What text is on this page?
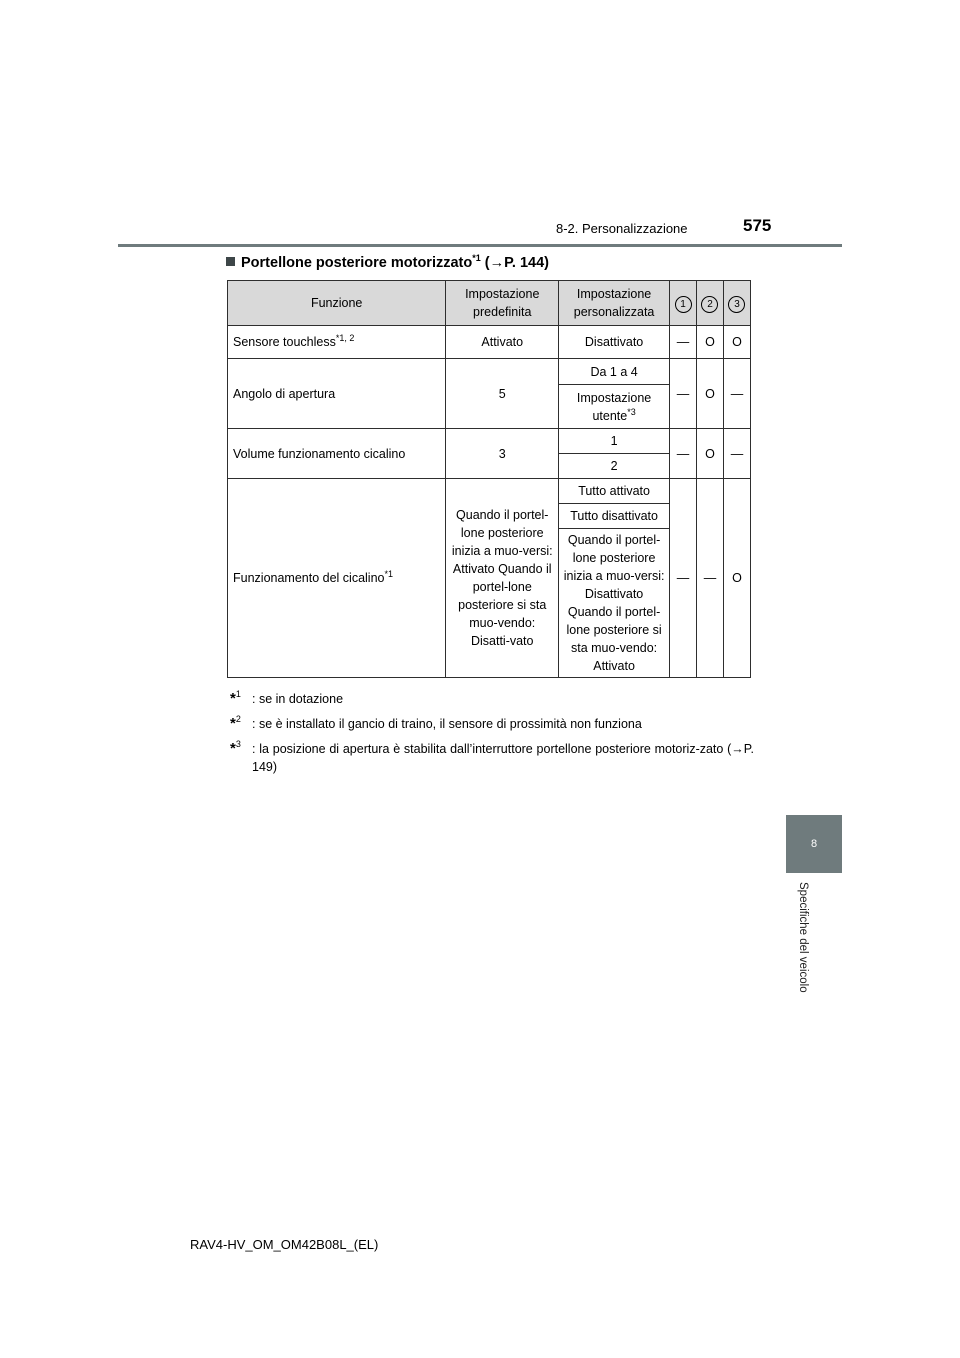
8-2. Personalizzazione	575
Portellone posteriore motorizzato$^{*1}$ (→P. 144)
Funzione	Impostazione predefinita	Impostazione personalizzata	1	2	3
Sensore touchless$^{*1, 2}$	Attivato	Disattivato	—	O	O
Angolo di apertura	5	Da 1 a 4	—	O	—
		Impostazione utente$^{*3}$
Volume funzionamento cicalino	3	1	—	O	—
		2			
Funzionamento del cicalino$^{*1}$	Quando il portel-lone posteriore inizia a muo-versi: Attivato Quando il portel-lone posteriore si sta muo-vendo: Disatti-vato	Tutto attivato	—	—	O
		Tutto disattivato			
		Quando il portel-lone posteriore inizia a muo-versi: Disattivato Quando il portel-lone posteriore si sta muo-vendo: Attivato			
*$^1$ : se in dotazione
*$^2$ : se è installato il gancio di traino, il sensore di prossimità non funziona
*$^3$ : la posizione di apertura è stabilita dall’interruttore portellone posteriore motoriz-zato (→P. 149)
8
Specifiche del veicolo
RAV4-HV_OM_OM42B08L_(EL)
